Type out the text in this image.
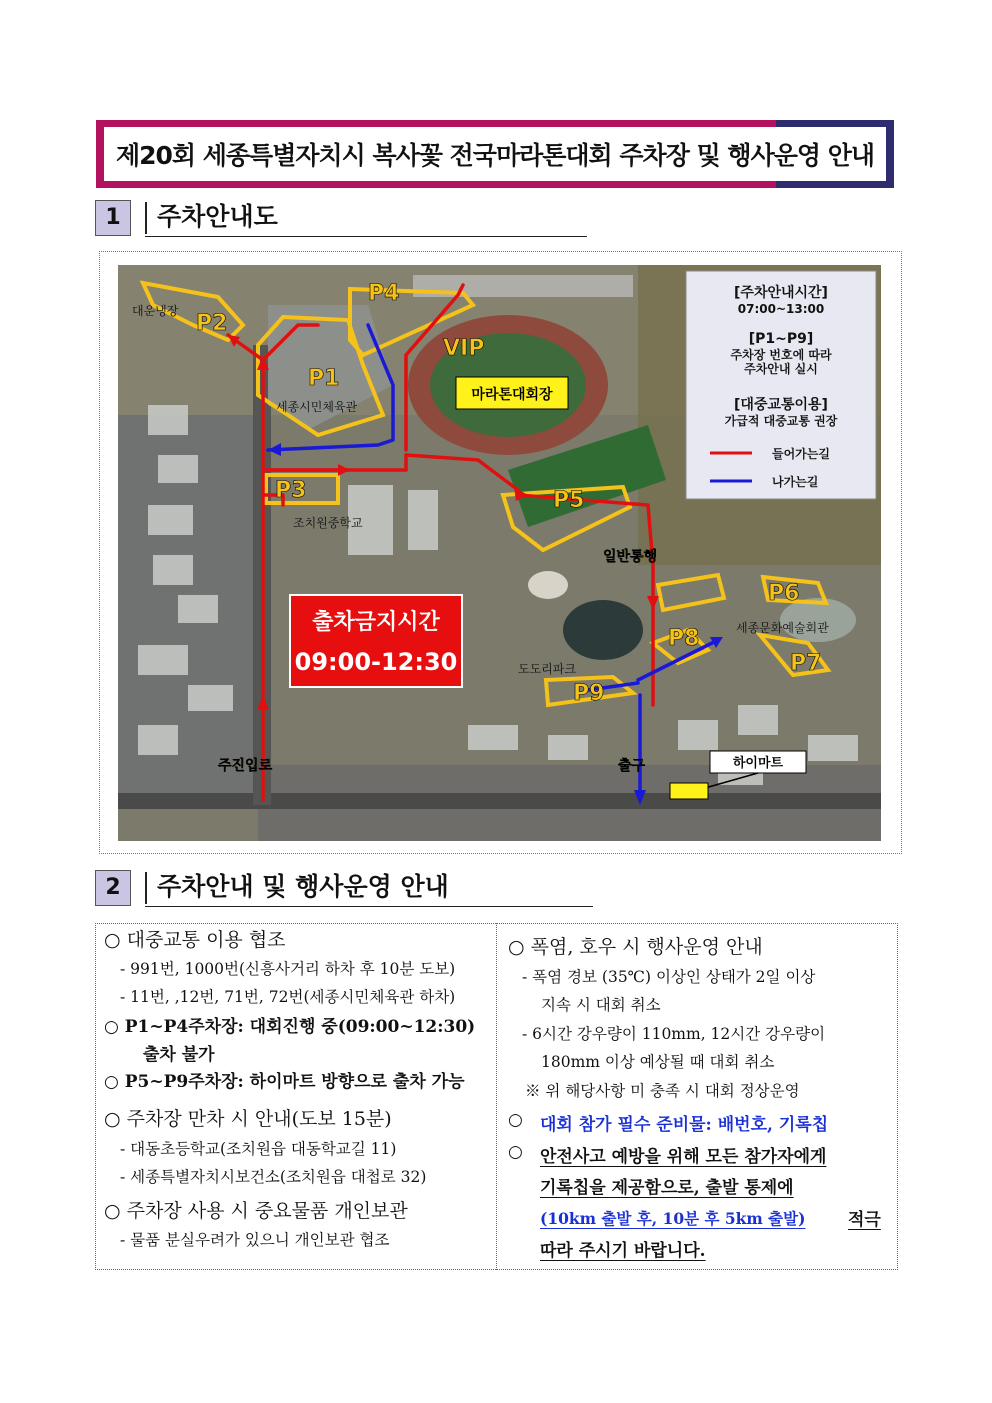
제20회 세종특별자치시 복사꽃 전국마라톤대회 주차장 및 행사운영 안내
1	주차안내도
P1
P2
P3
P4
P5
P6
P7
P8
P9
VIP
대운냉장
세종시민체육관
조치원중학교
세종문화예술회관
도도리파크
일반통행
주진입로	출구
마라톤대회장
하이마트
출차금지시간
09:00-12:30
[주차안내시간]
07:00~13:00
[P1~P9]
주차장 번호에 따라
주차안내 실시
[대중교통이용]
가급적 대중교통 권장
들어가는길
나가는길
2	주차안내 및 행사운영 안내
○ 대중교통 이용 협조
- 991번, 1000번(신흥사거리 하차 후 10분 도보)
- 11번, ,12번, 71번, 72번(세종시민체육관 하차)
○ P1~P4주차장: 대회진행 중(09:00~12:30)
출차 불가
○ P5~P9주차장: 하이마트 방향으로 출차 가능
○ 주차장 만차 시 안내(도보 15분)
- 대동초등학교(조치원읍 대동학교길 11)
- 세종특별자치시보건소(조치원읍 대첩로 32)
○ 주차장 사용 시 중요물품 개인보관
- 물품 분실우려가 있으니 개인보관 협조
○ 폭염, 호우 시 행사운영 안내
- 폭염 경보 (35℃) 이상인 상태가 2일 이상
지속 시 대회 취소
- 6시간 강우량이 110mm, 12시간 강우량이
180mm 이상 예상될 때 대회 취소
※ 위 해당사항 미 충족 시 대회 정상운영
○ 대회 참가 필수 준비물: 배번호, 기록칩
○ 안전사고 예방을 위해 모든 참가자에게
기록칩을 제공함으로, 출발 통제에
(10km 출발 후, 10분 후 5km 출발)	적극
따라 주시기 바랍니다.
